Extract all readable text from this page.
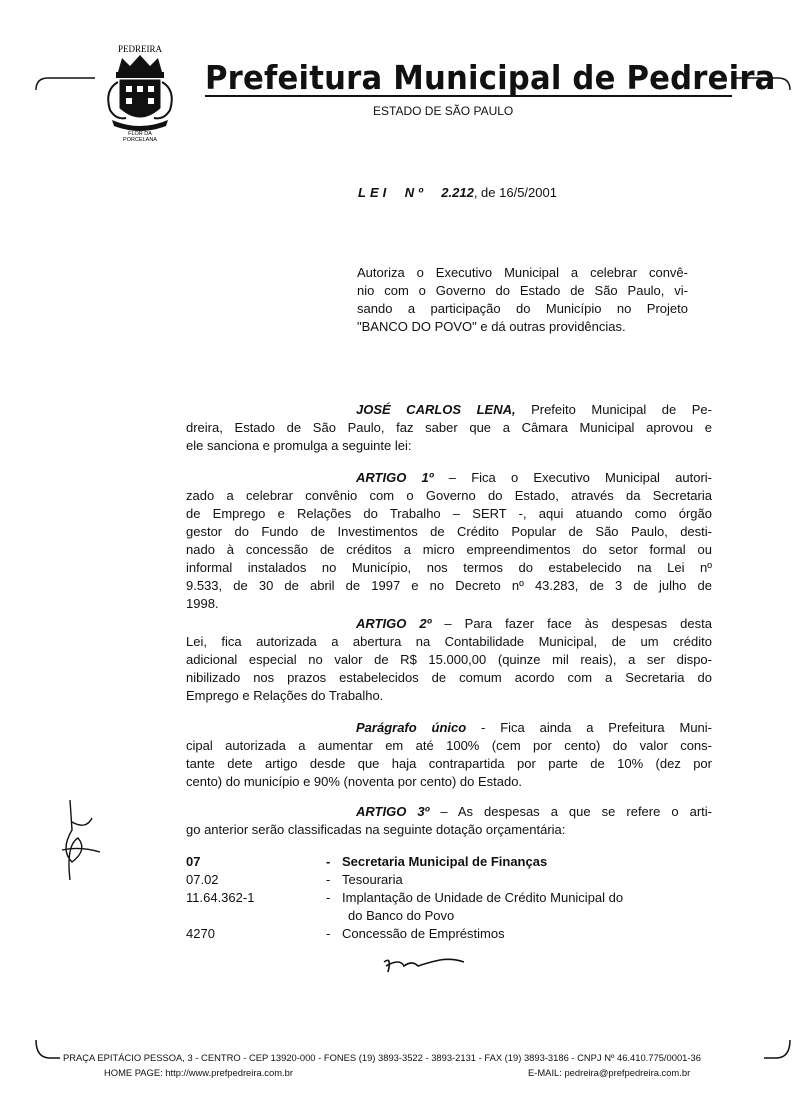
PEDREIRA
FLOR DA
PORCELANA
Prefeitura Municipal de Pedreira
ESTADO DE SÃO PAULO
LEI Nº 2.212, de 16/5/2001
Autoriza o Executivo Municipal a celebrar convê-
nio com o Governo do Estado de São Paulo, vi-
sando a participação do Município no Projeto
"BANCO DO POVO" e dá outras providências.
JOSÉ CARLOS LENA, Prefeito Municipal de Pe-
dreira, Estado de São Paulo, faz saber que a Câmara Municipal aprovou e
ele sanciona e promulga a seguinte lei:
ARTIGO 1º – Fica o Executivo Municipal autori-
zado a celebrar convênio com o Governo do Estado, através da Secretaria
de Emprego e Relações do Trabalho – SERT -, aqui atuando como órgão
gestor do Fundo de Investimentos de Crédito Popular de São Paulo, desti-
nado à concessão de créditos a micro empreendimentos do setor formal ou
informal instalados no Município, nos termos do estabelecido na Lei nº
9.533, de 30 de abril de 1997 e no Decreto nº 43.283, de 3 de julho de
1998.
ARTIGO 2º – Para fazer face às despesas desta
Lei, fica autorizada a abertura na Contabilidade Municipal, de um crédito
adicional especial no valor de R$ 15.000,00 (quinze mil reais), a ser dispo-
nibilizado nos prazos estabelecidos de comum acordo com a Secretaria do
Emprego e Relações do Trabalho.
Parágrafo único - Fica ainda a Prefeitura Muni-
cipal autorizada a aumentar em até 100% (cem por cento) do valor cons-
tante dete artigo desde que haja contrapartida por parte de 10% (dez por
cento) do município e 90% (noventa por cento) do Estado.
ARTIGO 3º – As despesas a que se refere o arti-
go anterior serão classificadas na seguinte dotação orçamentária:
07	- Secretaria Municipal de Finanças
07.02	- Tesouraria
11.64.362-1	- Implantação de Unidade de Crédito Municipal do
do Banco do Povo
4270	- Concessão de Empréstimos
PRAÇA EPITÁCIO PESSOA, 3 - CENTRO - CEP 13920-000 - FONES (19) 3893-3522 - 3893-2131 - FAX (19) 3893-3186 - CNPJ Nº 46.410.775/0001-36
HOME PAGE: http://www.prefpedreira.com.br	E-MAIL: pedreira@prefpedreira.com.br
